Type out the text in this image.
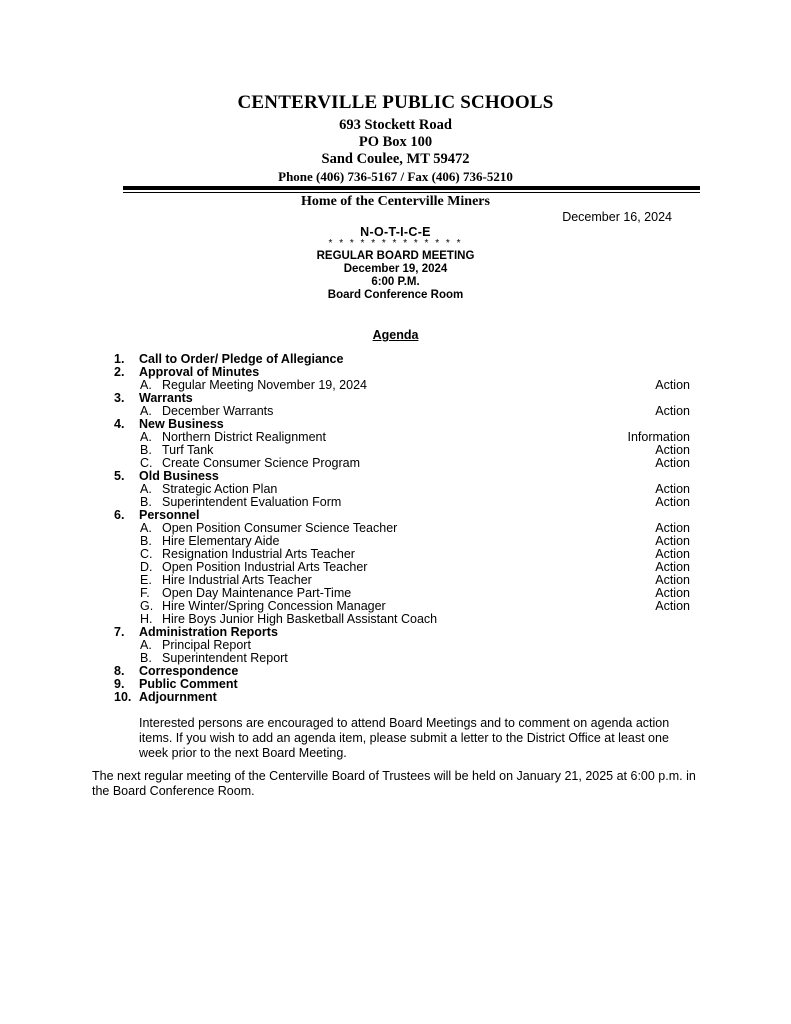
CENTERVILLE PUBLIC SCHOOLS
693 Stockett Road
PO Box 100
Sand Coulee, MT 59472
Phone (406) 736-5167 / Fax (406) 736-5210
Home of the Centerville Miners
December 16, 2024
N-O-T-I-C-E
* * * * * * * * * * * * *
REGULAR BOARD MEETING
December 19, 2024
6:00 P.M.
Board Conference Room
Agenda
1.	Call to Order/ Pledge of Allegiance
2.	Approval of Minutes
A. Regular Meeting November 19, 2024	Action
3.	Warrants
A. December Warrants	Action
4.	New Business
A. Northern District Realignment	Information
B. Turf Tank	Action
C. Create Consumer Science Program	Action
5.	Old Business
A. Strategic Action Plan	Action
B. Superintendent Evaluation Form	Action
6.	Personnel
A. Open Position Consumer Science Teacher	Action
B. Hire Elementary Aide	Action
C. Resignation Industrial Arts Teacher	Action
D. Open Position Industrial Arts Teacher	Action
E. Hire Industrial Arts Teacher	Action
F. Open Day Maintenance Part-Time	Action
G. Hire Winter/Spring Concession Manager	Action
H. Hire Boys Junior High Basketball Assistant Coach
7.	Administration Reports
A. Principal Report
B. Superintendent Report
8.	Correspondence
9.	Public Comment
10. Adjournment
Interested persons are encouraged to attend Board Meetings and to comment on agenda action items. If you wish to add an agenda item, please submit a letter to the District Office at least one week prior to the next Board Meeting.
The next regular meeting of the Centerville Board of Trustees will be held on January 21, 2025 at 6:00 p.m. in the Board Conference Room.
